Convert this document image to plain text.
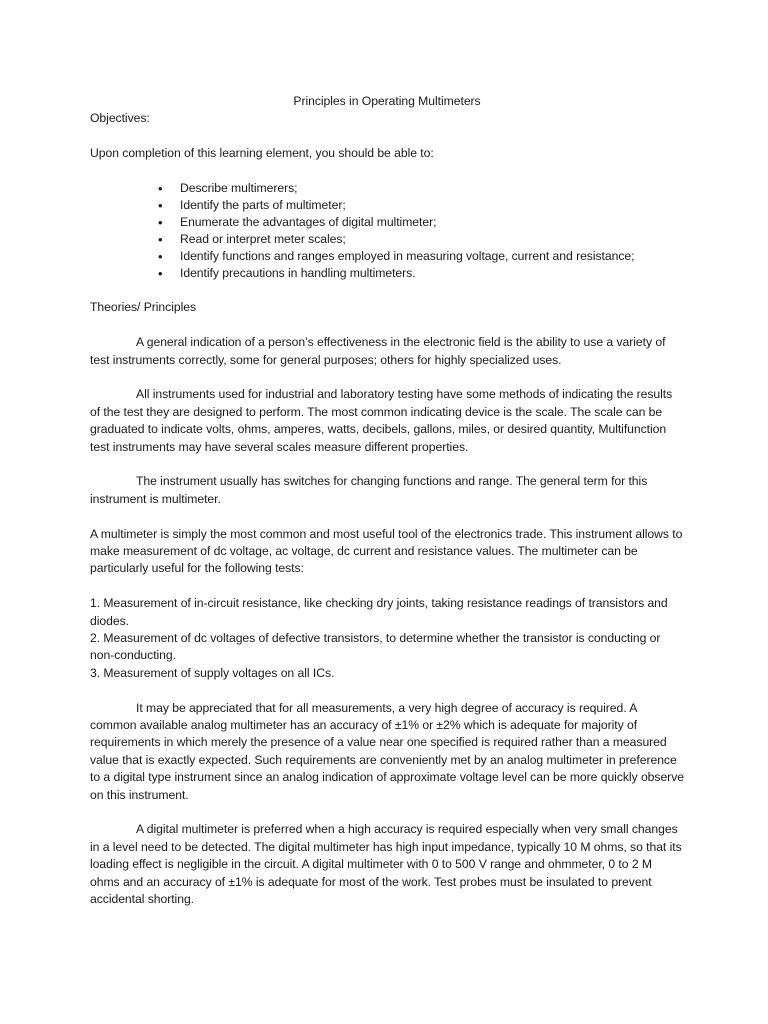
Principles in Operating Multimeters

Objectives:

Upon completion of this learning element, you should be able to:

• Describe multimerers;
• Identify the parts of multimeter;
• Enumerate the advantages of digital multimeter;
• Read or interpret meter scales;
• Identify functions and ranges employed in measuring voltage, current and resistance;
• Identify precautions in handling multimeters.

Theories/ Principles

A general indication of a person’s effectiveness in the electronic field is the ability to use a variety of test instruments correctly, some for general purposes; others for highly specialized uses.

All instruments used for industrial and laboratory testing have some methods of indicating the results of the test they are designed to perform. The most common indicating device is the scale. The scale can be graduated to indicate volts, ohms, amperes, watts, decibels, gallons, miles, or desired quantity, Multifunction test instruments may have several scales measure different properties.

The instrument usually has switches for changing functions and range. The general term for this instrument is multimeter.

A multimeter is simply the most common and most useful tool of the electronics trade. This instrument allows to make measurement of dc voltage, ac voltage, dc current and resistance values. The multimeter can be particularly useful for the following tests:

1. Measurement of in-circuit resistance, like checking dry joints, taking resistance readings of transistors and diodes.

2. Measurement of dc voltages of defective transistors, to determine whether the transistor is conducting or non-conducting.

3. Measurement of supply voltages on all ICs.

It may be appreciated that for all measurements, a very high degree of accuracy is required. A common available analog multimeter has an accuracy of ±1% or ±2% which is adequate for majority of requirements in which merely the presence of a value near one specified is required rather than a measured value that is exactly expected. Such requirements are conveniently met by an analog multimeter in preference to a digital type instrument since an analog indication of approximate voltage level can be more quickly observe on this instrument.

A digital multimeter is preferred when a high accuracy is required especially when very small changes in a level need to be detected. The digital multimeter has high input impedance, typically 10 M ohms, so that its loading effect is negligible in the circuit. A digital multimeter with 0 to 500 V range and ohmmeter, 0 to 2 M ohms and an accuracy of ±1% is adequate for most of the work. Test probes must be insulated to prevent accidental shorting.
